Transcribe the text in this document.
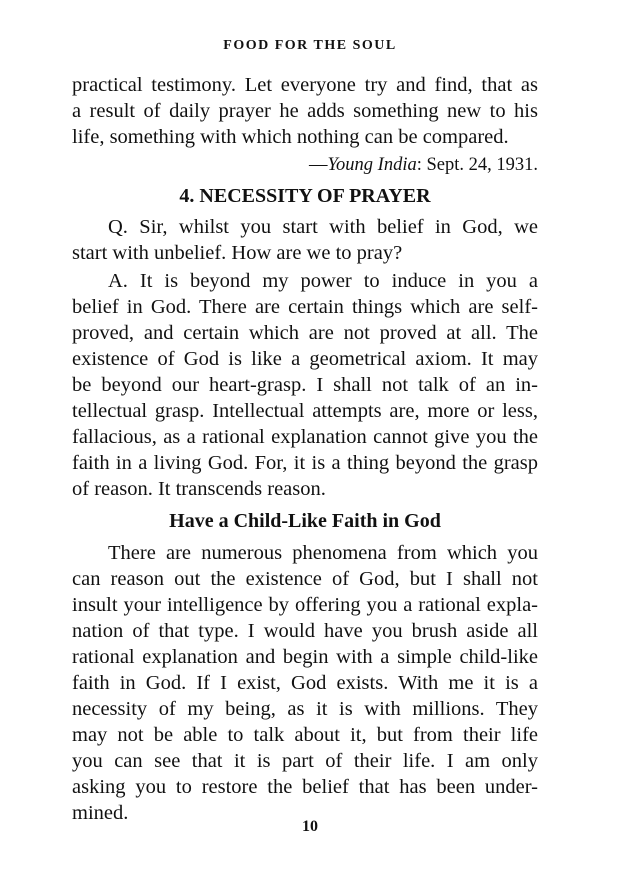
FOOD FOR THE SOUL
practical testimony. Let everyone try and find, that as
a result of daily prayer he adds something new to his
life, something with which nothing can be compared.
—Young India: Sept. 24, 1931.
4. NECESSITY OF PRAYER
Q. Sir, whilst you start with belief in God, we
start with unbelief. How are we to pray?
A. It is beyond my power to induce in you a
belief in God. There are certain things which are self-
proved, and certain which are not proved at all. The
existence of God is like a geometrical axiom. It may
be beyond our heart-grasp. I shall not talk of an in-
tellectual grasp. Intellectual attempts are, more or less,
fallacious, as a rational explanation cannot give you the
faith in a living God. For, it is a thing beyond the grasp
of reason. It transcends reason.
Have a Child-Like Faith in God
There are numerous phenomena from which you
can reason out the existence of God, but I shall not
insult your intelligence by offering you a rational expla-
nation of that type. I would have you brush aside all
rational explanation and begin with a simple child-like
faith in God. If I exist, God exists. With me it is a
necessity of my being, as it is with millions. They
may not be able to talk about it, but from their life
you can see that it is part of their life. I am only
asking you to restore the belief that has been under-
mined.
10
